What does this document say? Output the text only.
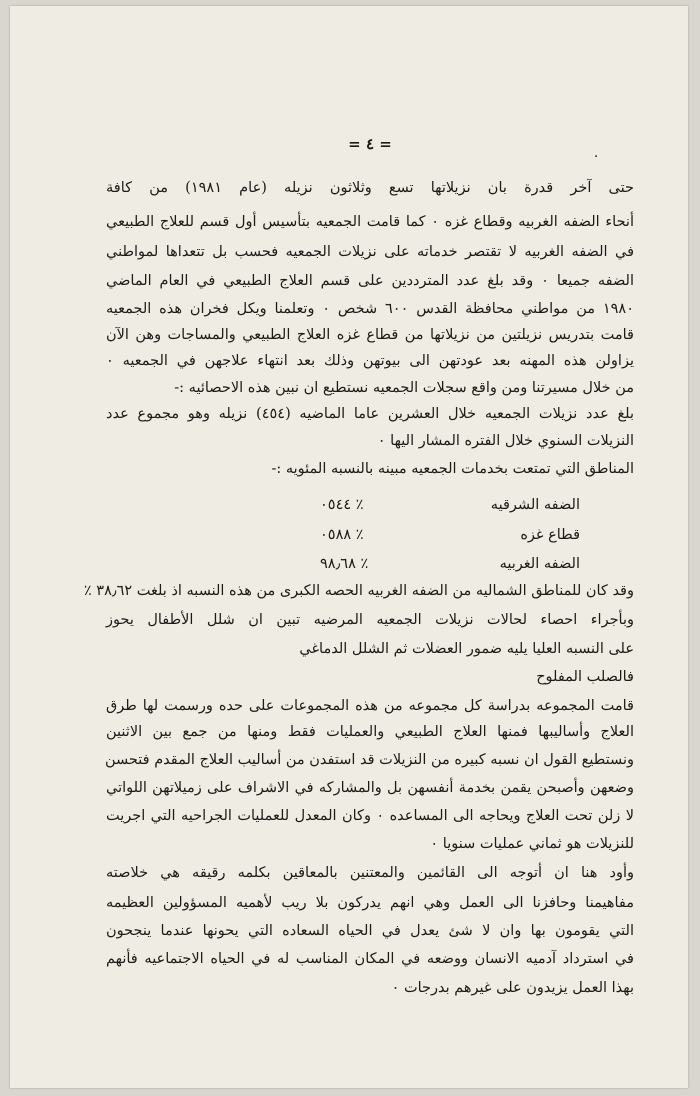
.
= ٤ =
حتى آخر قدرة بان نزيلاتها تسع وثلاثون نزيله (عام ١٩٨١) من كافة
أنحاء الضفه الغربيه وقطاع غزه ٠ كما قامت الجمعيه بتأسيس أول قسم للعلاج الطبيعي
في الضفه الغربيه لا تقتصر خدماته على نزيلات الجمعيه فحسب بل تتعداها لمواطني
الضفه جميعا ٠ وقد بلغ عدد المترددين على قسم العلاج الطبيعي في العام الماضي
١٩٨٠ من مواطني محافظة القدس ٦٠٠ شخص ٠ وتعلمنا ويكل فخران هذه الجمعيه
قامت بتدريس نزيلتين من نزيلاتها من قطاع غزه العلاج الطبيعي والمساجات وهن الآن
يزاولن هذه المهنه بعد عودتهن الى بيوتهن وذلك بعد انتهاء علاجهن في الجمعيه ٠
من خلال مسيرتنا ومن واقع سجلات الجمعيه نستطيع ان نبين هذه الاحصائيه :-
بلغ عدد نزيلات الجمعيه خلال العشرين عاما الماضيه (٤٥٤) نزيله وهو مجموع عدد
النزيلات السنوي خلال الفتره المشار اليها ٠
المناطق التي تمتعت بخدمات الجمعيه مبينه بالنسبه المئويه :-
الضفه الشرقيه
٠٥٤٤ ٪
قطاع غزه
٠٥٨٨ ٪
الضفه الغربيه
٩٨٫٦٨ ٪
وقد كان للمناطق الشماليه من الضفه الغربيه الحصه الكبرى من هذه النسبه اذ بلغت ٣٨٫٦٢ ٪
وبأجراء احصاء لحالات نزيلات الجمعيه المرضيه تبين ان شلل الأطفال يحوز
على النسبه العليا يليه ضمور العضلات ثم الشلل الدماغي
فالصلب المفلوح
قامت المجموعه بدراسة كل مجموعه من هذه المجموعات على حده ورسمت لها طرق
العلاج وأساليبها فمنها العلاج الطبيعي والعمليات فقط ومنها من جمع بين الاثنين
ونستطيع القول ان نسبه كبيره من النزيلات قد استفدن من أساليب العلاج المقدم فتحسن
وضعهن وأصبحن يقمن بخدمة أنفسهن بل والمشاركه في الاشراف على زميلاتهن اللواتي
لا زلن تحت العلاج ويحاجه الى المساعده ٠ وكان المعدل للعمليات الجراحيه التي اجريت
للنزيلات هو ثماني عمليات سنويا ٠
وأود هنا ان أتوجه الى القائمين والمعتنين بالمعاقين بكلمه رقيقه هي خلاصته
مفاهيمنا وحافزنا الى العمل وهي انهم يدركون بلا ريب لأهميه المسؤولين العظيمه
التي يقومون بها وان لا شئ يعدل في الحياه السعاده التي يحونها عندما ينجحون
في استرداد آدميه الانسان ووضعه في المكان المناسب له في الحياه الاجتماعيه فأنهم
بهذا العمل يزيدون على غيرهم بدرجات ٠
